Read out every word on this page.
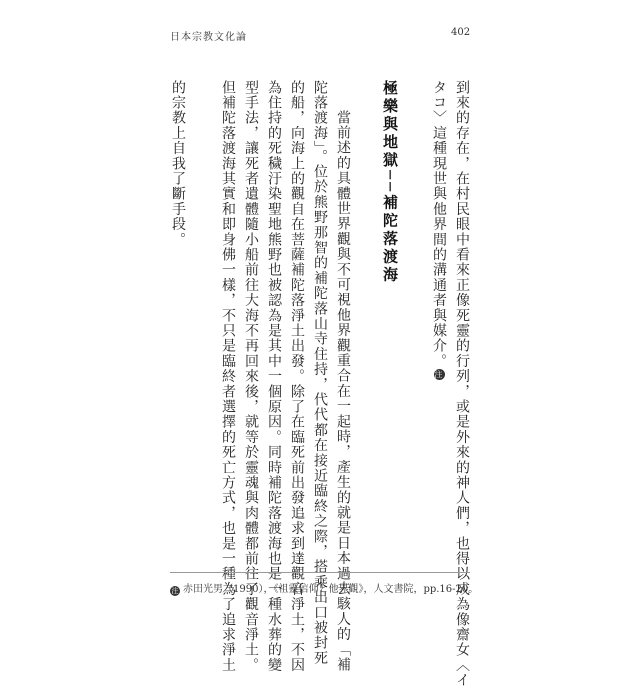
日本宗教文化論	402
到來的存在，在村民眼中看來正像死靈的行列，或是外來的神人們，也得以成為像齋女〈イ
タコ〉這種現世與他界間的溝通者與媒介。注
極樂與地獄──補陀落渡海
當前述的具體世界觀與不可視他界觀重合在一起時，產生的就是日本過去駭人的「補
陀落渡海」。位於熊野那智的補陀落山寺住持，代代都在接近臨終之際，搭乘出口被封死
的船，向海上的觀自在菩薩補陀落淨土出發。除了在臨死前出發追求到達觀音淨土，不因
為住持的死穢汙染聖地熊野也被認為是其中一個原因。同時補陀落渡海也是一種水葬的變
型手法，讓死者遺體隨小船前往大海不再回來後，就等於靈魂與肉體都前往了觀音淨土。
但補陀落渡海其實和即身佛一樣，不只是臨終者選擇的死亡方式，也是一種為了追求淨土
的宗教上自我了斷手段。
注 赤田光男（1990），《祖靈信仰と他界觀》，人文書院，pp.16-20。
